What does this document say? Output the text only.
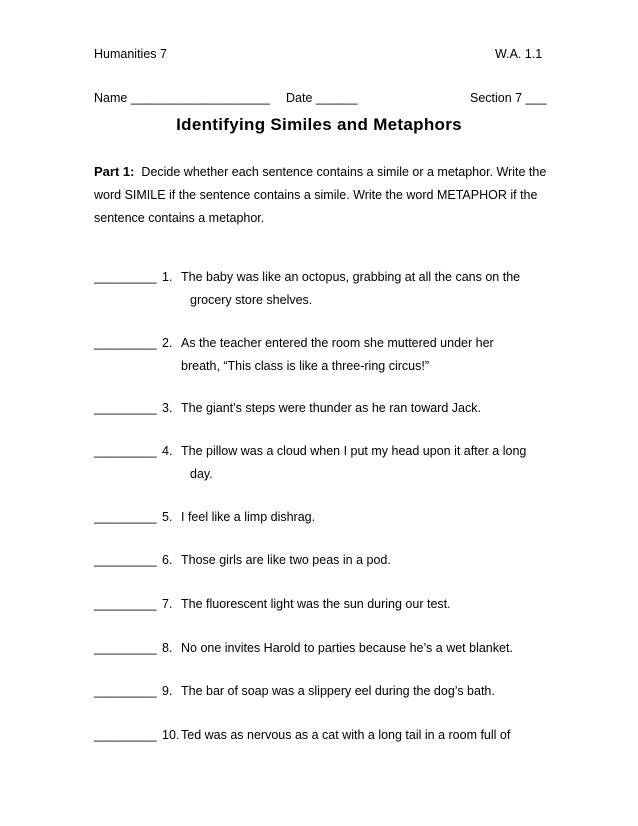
Humanities 7	W.A. 1.1
Name ____________________ Date ______	Section 7 ___
Identifying Similes and Metaphors
Part 1: Decide whether each sentence contains a simile or a metaphor. Write the word SIMILE if the sentence contains a simile. Write the word METAPHOR if the sentence contains a metaphor.
_________ 1. The baby was like an octopus, grabbing at all the cans on the
grocery store shelves.
_________ 2. As the teacher entered the room she muttered under her
breath, “This class is like a three-ring circus!”
_________ 3. The giant’s steps were thunder as he ran toward Jack.
_________ 4. The pillow was a cloud when I put my head upon it after a long
day.
_________ 5. I feel like a limp dishrag.
_________ 6. Those girls are like two peas in a pod.
_________ 7. The fluorescent light was the sun during our test.
_________ 8. No one invites Harold to parties because he’s a wet blanket.
_________ 9. The bar of soap was a slippery eel during the dog’s bath.
_________ 10. Ted was as nervous as a cat with a long tail in a room full of
